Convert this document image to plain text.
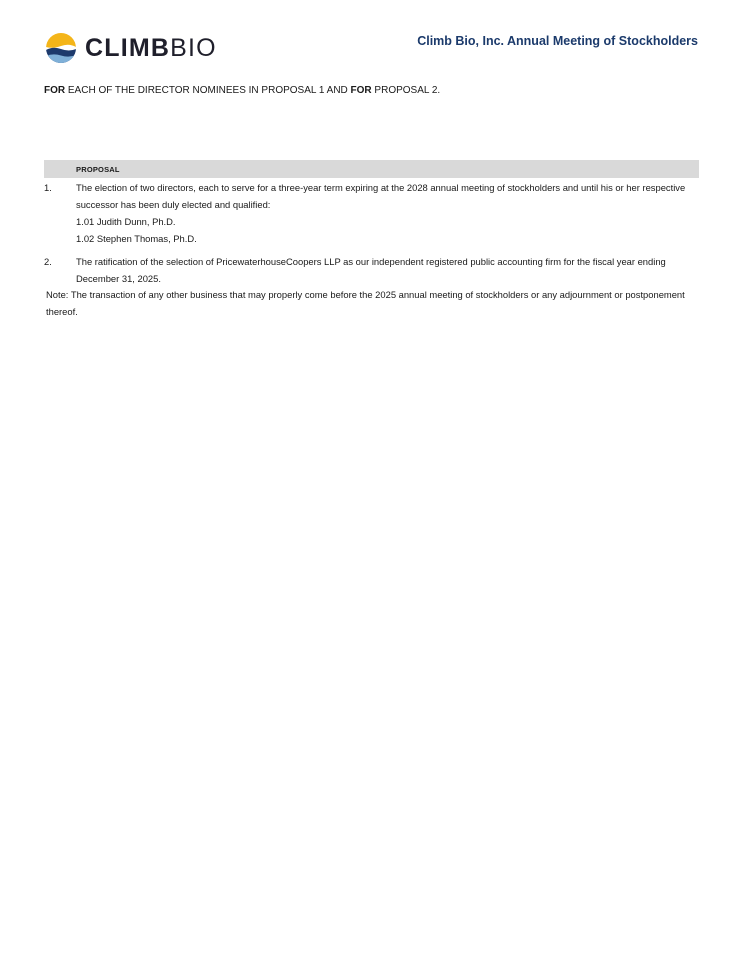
CLIMBBIO	Climb Bio, Inc. Annual Meeting of Stockholders
FOR EACH OF THE DIRECTOR NOMINEES IN PROPOSAL 1 AND FOR PROPOSAL 2.
PROPOSAL
1.	The election of two directors, each to serve for a three-year term expiring at the 2028 annual meeting of stockholders and until his or her respective successor has been duly elected and qualified:
1.01 Judith Dunn, Ph.D.
1.02 Stephen Thomas, Ph.D.
2.	The ratification of the selection of PricewaterhouseCoopers LLP as our independent registered public accounting firm for the fiscal year ending December 31, 2025.
Note: The transaction of any other business that may properly come before the 2025 annual meeting of stockholders or any adjournment or postponement thereof.
